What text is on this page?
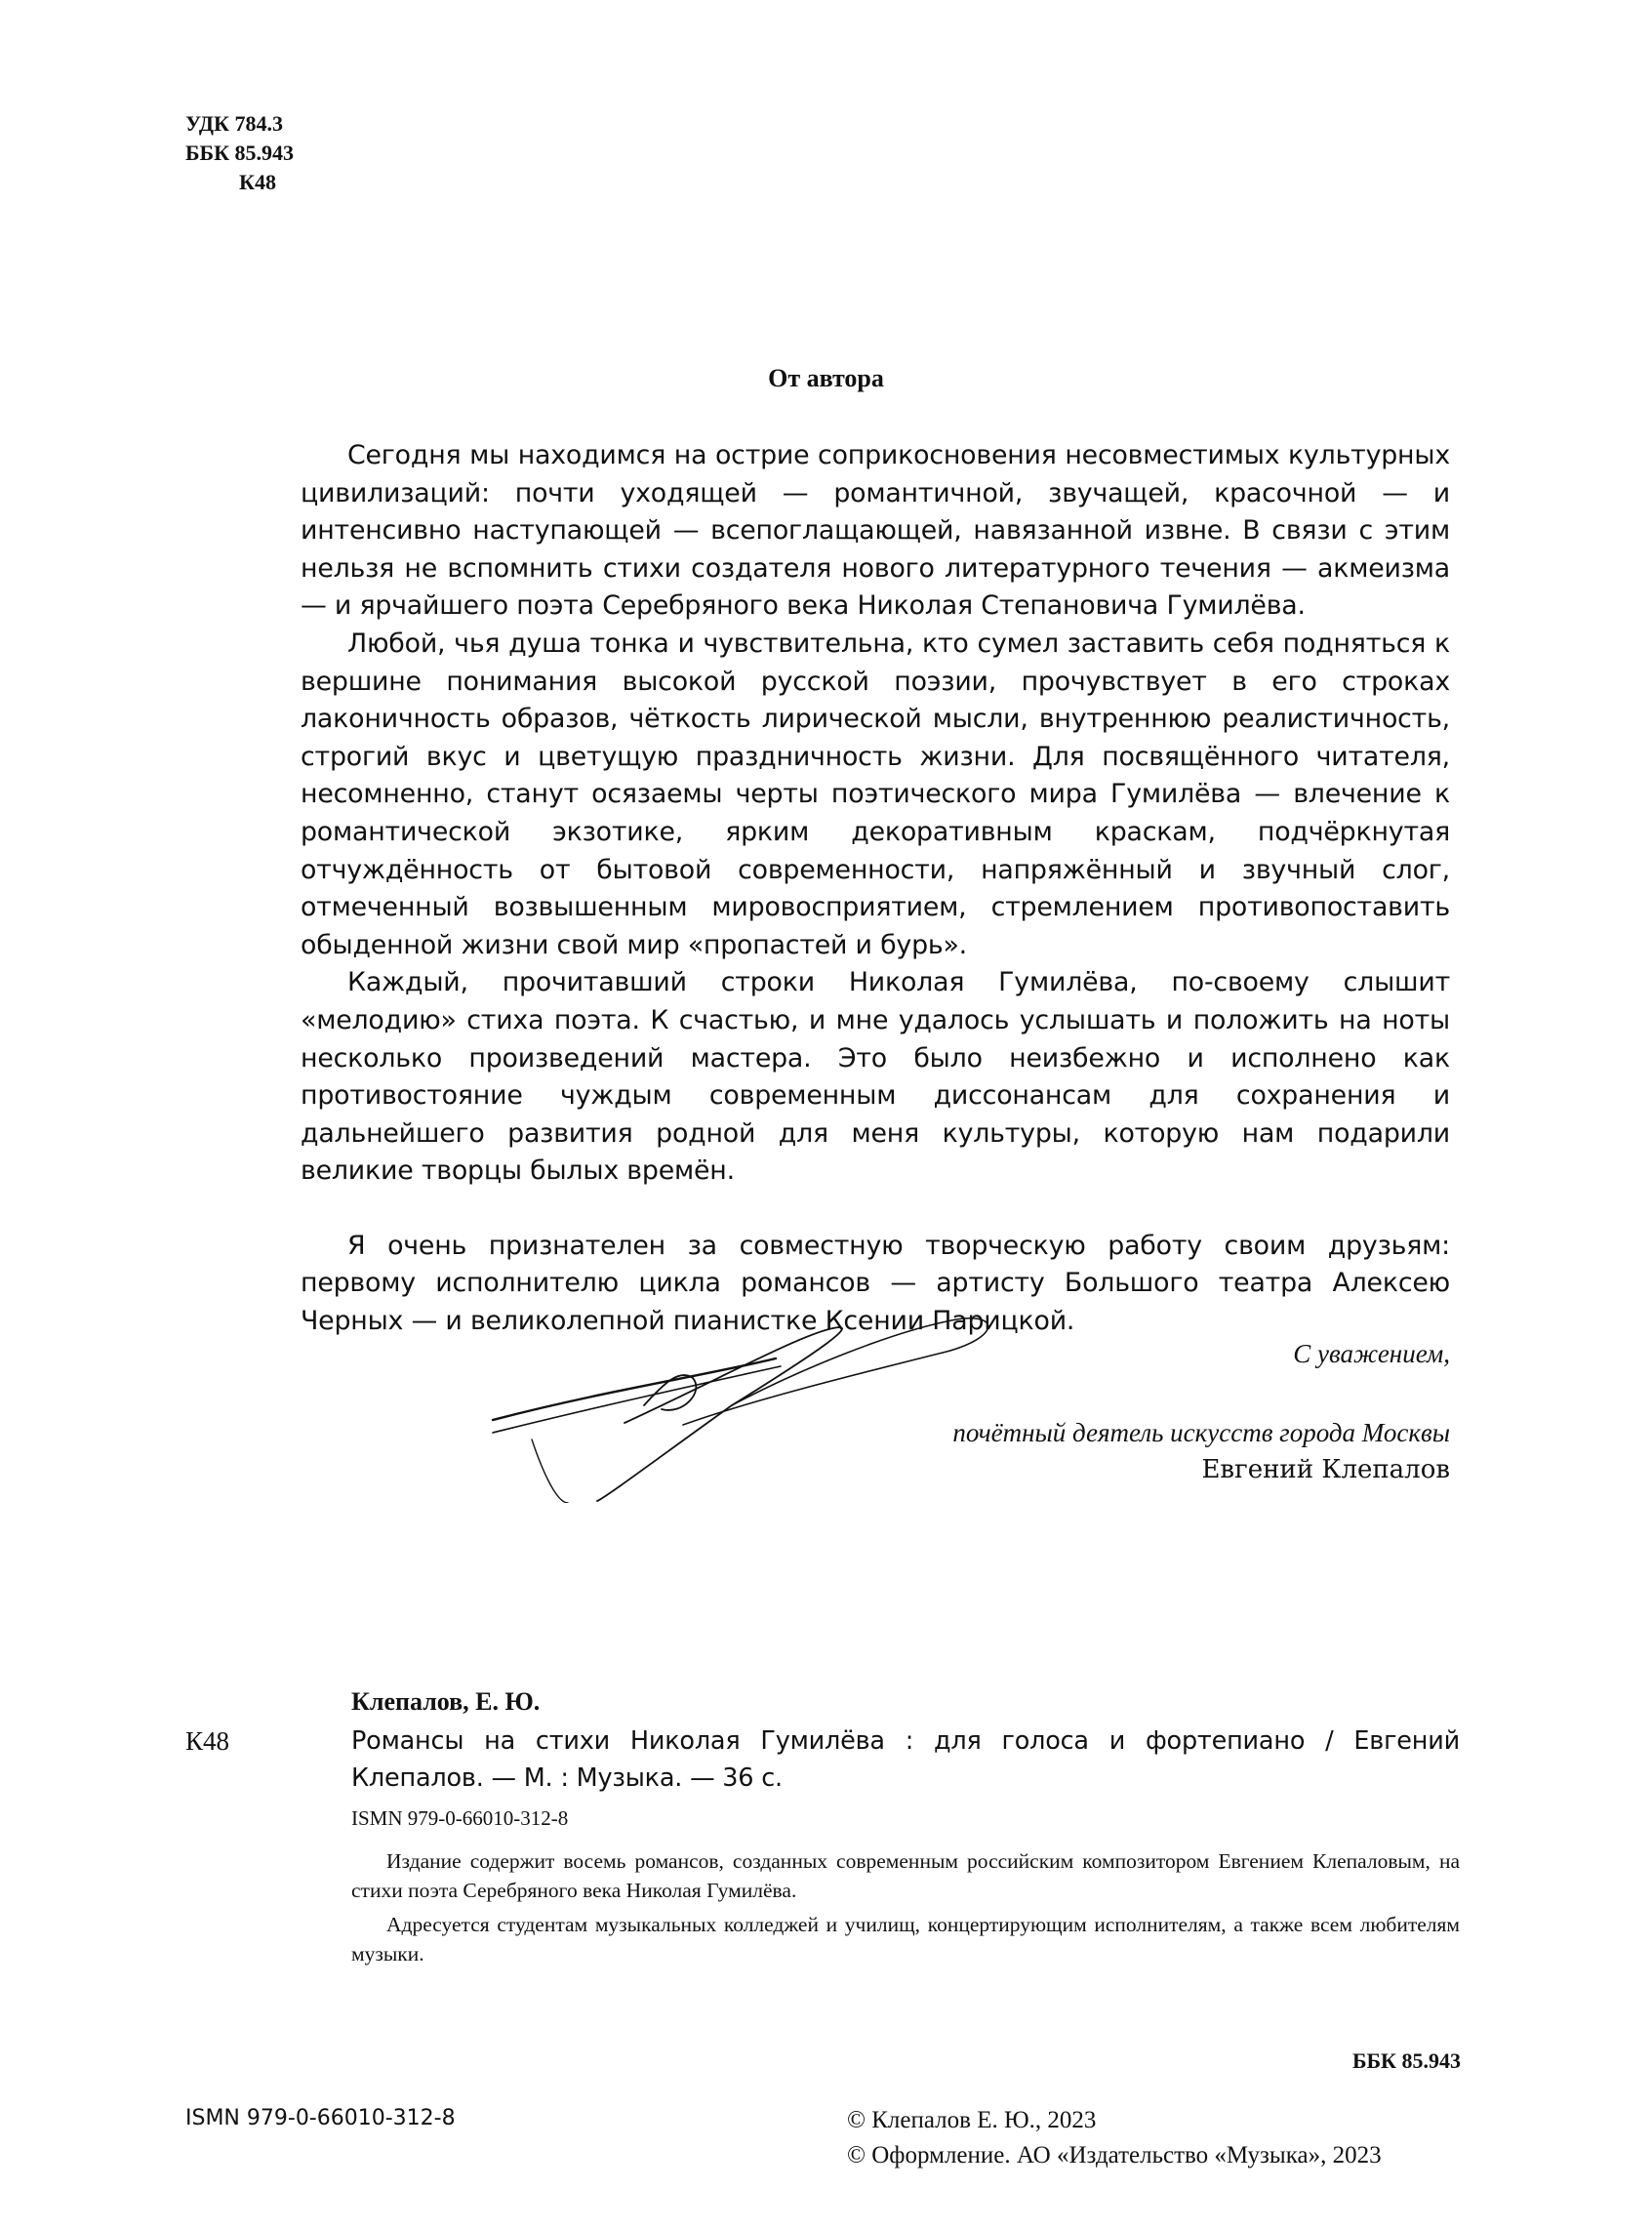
УДК 784.3
ББК 85.943
К48
От автора

Сегодня мы находимся на острие соприкосновения несовместимых культурных цивилизаций: почти уходящей — романтичной, звучащей, красочной — и интенсивно наступающей — всепоглащающей, навязанной извне. В связи с этим нельзя не вспомнить стихи создателя нового литературного течения — акмеизма — и ярчайшего поэта Серебряного века Николая Степановича Гумилёва.

Любой, чья душа тонка и чувствительна, кто сумел заставить себя подняться к вершине понимания высокой русской поэзии, прочувствует в его строках лаконичность образов, чёткость лирической мысли, внутреннюю реалистичность, строгий вкус и цветущую праздничность жизни. Для посвящённого читателя, несомненно, станут осязаемы черты поэтического мира Гумилёва — влечение к романтической экзотике, ярким декоративным краскам, подчёркнутая отчуждённость от бытовой современности, напряжённый и звучный слог, отмеченный возвышенным мировосприятием, стремлением противопоставить обыденной жизни свой мир «пропастей и бурь».

Каждый, прочитавший строки Николая Гумилёва, по-своему слышит «мелодию» стиха поэта. К счастью, и мне удалось услышать и положить на ноты несколько произведений мастера. Это было неизбежно и исполнено как противостояние чуждым современным диссонансам для сохранения и дальнейшего развития родной для меня культуры, которую нам подарили великие творцы былых времён.

Я очень признателен за совместную творческую работу своим друзьям: первому исполнителю цикла романсов — артисту Большого театра Алексею Черных — и великолепной пианистке Ксении Парицкой.

С уважением,
почётный деятель искусств города Москвы
Евгений Клепалов
Клепалов, Е. Ю.
К48	Романсы на стихи Николая Гумилёва : для голоса и фортепиано / Евгений Клепалов. — М. : Музыка. — 36 с.
ISMN 979-0-66010-312-8

Издание содержит восемь романсов, созданных современным российским композитором Евгением Клепаловым, на стихи поэта Серебряного века Николая Гумилёва.

Адресуется студентам музыкальных колледжей и училищ, концертирующим исполнителям, а также всем любителям музыки.

ББК 85.943
ISMN 979-0-66010-312-8	© Клепалов Е. Ю., 2023
© Оформление. АО «Издательство «Музыка», 2023
